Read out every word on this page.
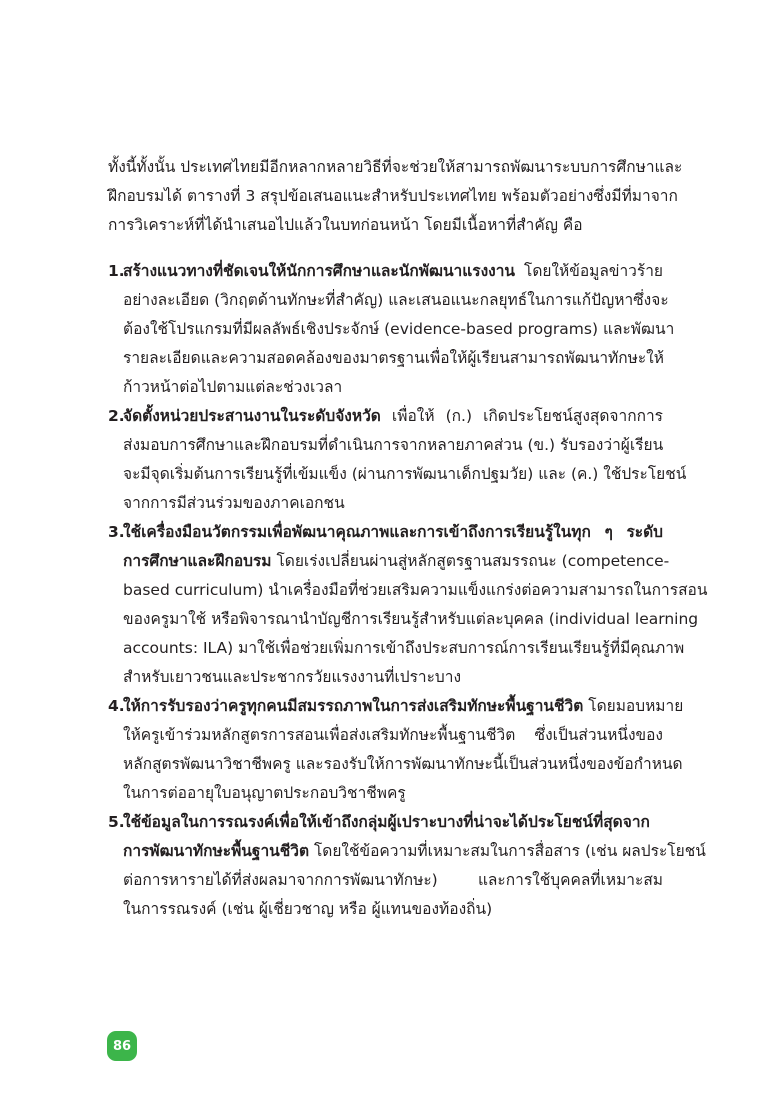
ทั้งนี้ทั้งนั้น ประเทศไทยมีอีกหลากหลายวิธีที่จะช่วยให้สามารถพัฒนาระบบการศึกษาและ
ฝึกอบรมได้ ตารางที่ 3 สรุปข้อเสนอแนะสำหรับประเทศไทย พร้อมตัวอย่างซึ่งมีที่มาจาก
การวิเคราะห์ที่ได้นำเสนอไปแล้วในบทก่อนหน้า โดยมีเนื้อหาที่สำคัญ คือ
1.
สร้างแนวทางที่ชัดเจนให้นักการศึกษาและนักพัฒนาแรงงาน โดยให้ข้อมูลข่าวร้าย
อย่างละเอียด (วิกฤตด้านทักษะที่สำคัญ) และเสนอแนะกลยุทธ์ในการแก้ปัญหาซึ่งจะ
ต้องใช้โปรแกรมที่มีผลลัพธ์เชิงประจักษ์ (evidence-based programs) และพัฒนา
รายละเอียดและความสอดคล้องของมาตรฐานเพื่อให้ผู้เรียนสามารถพัฒนาทักษะให้
ก้าวหน้าต่อไปตามแต่ละช่วงเวลา
2.
จัดตั้งหน่วยประสานงานในระดับจังหวัด เพื่อให้ (ก.) เกิดประโยชน์สูงสุดจากการ
ส่งมอบการศึกษาและฝึกอบรมที่ดำเนินการจากหลายภาคส่วน (ข.) รับรองว่าผู้เรียน
จะมีจุดเริ่มต้นการเรียนรู้ที่เข้มแข็ง (ผ่านการพัฒนาเด็กปฐมวัย) และ (ค.) ใช้ประโยชน์
จากการมีส่วนร่วมของภาคเอกชน
3.
ใช้เครื่องมือนวัตกรรมเพื่อพัฒนาคุณภาพและการเข้าถึงการเรียนรู้ในทุก ๆ ระดับ
การศึกษาและฝึกอบรม โดยเร่งเปลี่ยนผ่านสู่หลักสูตรฐานสมรรถนะ (competence-
based curriculum) นำเครื่องมือที่ช่วยเสริมความแข็งแกร่งต่อความสามารถในการสอน
ของครูมาใช้ หรือพิจารณานำบัญชีการเรียนรู้สำหรับแต่ละบุคคล (individual learning
accounts: ILA) มาใช้เพื่อช่วยเพิ่มการเข้าถึงประสบการณ์การเรียนเรียนรู้ที่มีคุณภาพ
สำหรับเยาวชนและประชากรวัยแรงงานที่เปราะบาง
4.
ให้การรับรองว่าครูทุกคนมีสมรรถภาพในการส่งเสริมทักษะพื้นฐานชีวิต โดยมอบหมาย
ให้ครูเข้าร่วมหลักสูตรการสอนเพื่อส่งเสริมทักษะพื้นฐานชีวิต ซึ่งเป็นส่วนหนึ่งของ
หลักสูตรพัฒนาวิชาชีพครู และรองรับให้การพัฒนาทักษะนี้เป็นส่วนหนึ่งของข้อกำหนด
ในการต่ออายุใบอนุญาตประกอบวิชาชีพครู
5.
ใช้ข้อมูลในการรณรงค์เพื่อให้เข้าถึงกลุ่มผู้เปราะบางที่น่าจะได้ประโยชน์ที่สุดจาก
การพัฒนาทักษะพื้นฐานชีวิต โดยใช้ข้อความที่เหมาะสมในการสื่อสาร (เช่น ผลประโยชน์
ต่อการหารายได้ที่ส่งผลมาจากการพัฒนาทักษะ) และการใช้บุคคลที่เหมาะสม
ในการรณรงค์ (เช่น ผู้เชี่ยวชาญ หรือ ผู้แทนของท้องถิ่น)
86
